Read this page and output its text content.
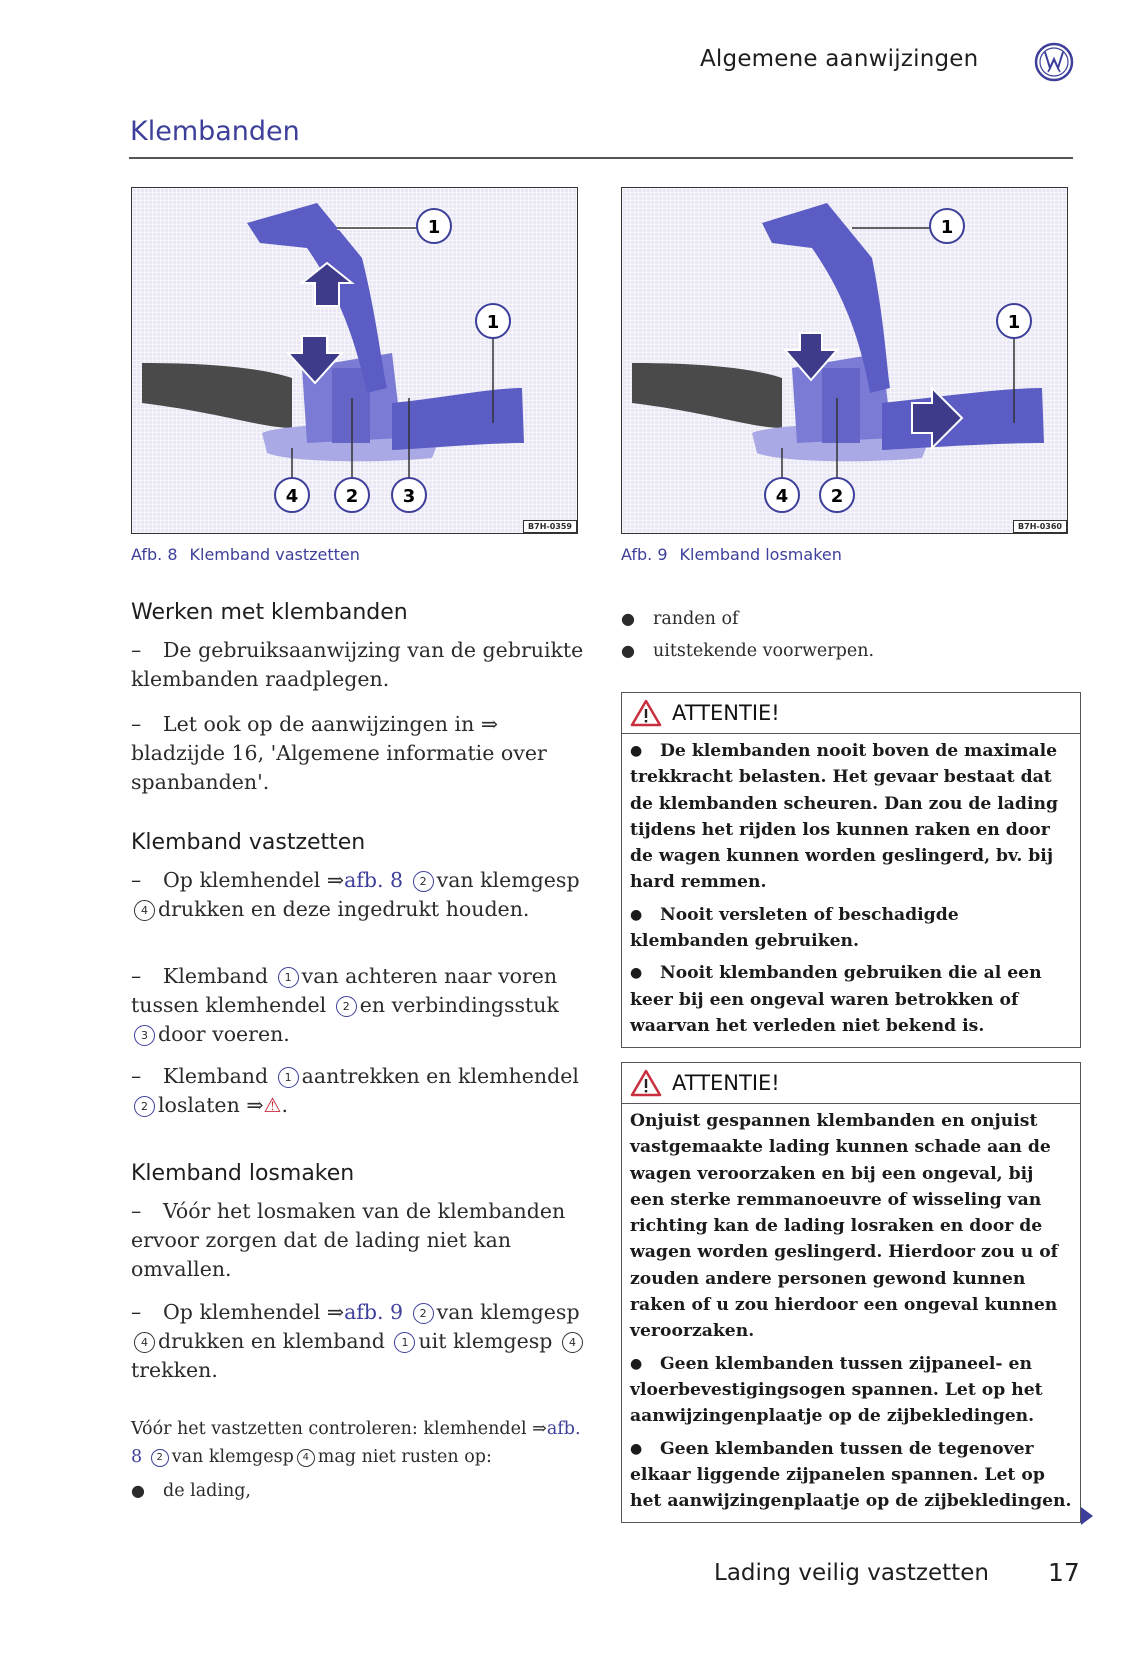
Algemene aanwijzingen
Klembanden
1
1
4	2 3
B7H-0359
Afb. 8 Klemband vastzetten
1
1
4 2
B7H-0360
Afb. 9 Klemband losmaken
Werken met klembanden
– De gebruiksaanwijzing van de gebruikte klembanden raadplegen.
– Let ook op de aanwijzingen in ⇒ bladzijde 16, 'Algemene informatie over spanbanden'.
Klemband vastzetten
– Op klemhendel ⇒afb. 8 2 van klemgesp 4 drukken en deze ingedrukt houden.
– Klemband 1 van achteren naar voren tussen klemhendel 2 en verbindingsstuk 3 door voeren.
– Klemband 1 aantrekken en klemhendel 2 loslaten ⇒⚠.
Klemband losmaken
– Vóór het losmaken van de klembanden ervoor zorgen dat de lading niet kan omvallen.
– Op klemhendel ⇒afb. 9 2 van klemgesp 4 drukken en klemband 1 uit klemgesp 4trekken.
Vóór het vastzetten controleren: klemhendel ⇒afb. 8 2 van klemgesp 4 mag niet rusten op:
● de lading,
● randen of
● uitstekende voorwerpen.
ATTENTIE!

● De klembanden nooit boven de maximale trekkracht belasten. Het gevaar bestaat dat de klembanden scheuren. Dan zou de lading tijdens het rijden los kunnen raken en door de wagen kunnen worden geslingerd, bv. bij hard remmen.

● Nooit versleten of beschadigde klembanden gebruiken.

● Nooit klembanden gebruiken die al een keer bij een ongeval waren betrokken of waarvan het verleden niet bekend is.

ATTENTIE!

Onjuist gespannen klembanden en onjuist vastgemaakte lading kunnen schade aan de wagen veroorzaken en bij een ongeval, bij een sterke remmanoeuvre of wisseling van richting kan de lading losraken en door de wagen worden geslingerd. Hierdoor zou u of zouden andere personen gewond kunnen raken of u zou hierdoor een ongeval kunnen veroorzaken.

● Geen klembanden tussen zijpaneel- en vloerbevestigingsogen spannen. Let op het aanwijzingenplaatje op de zijbekledingen.

● Geen klembanden tussen de tegenover elkaar liggende zijpanelen spannen. Let op het aanwijzingenplaatje op de zijbekledingen.

Lading veilig vastzetten 17
